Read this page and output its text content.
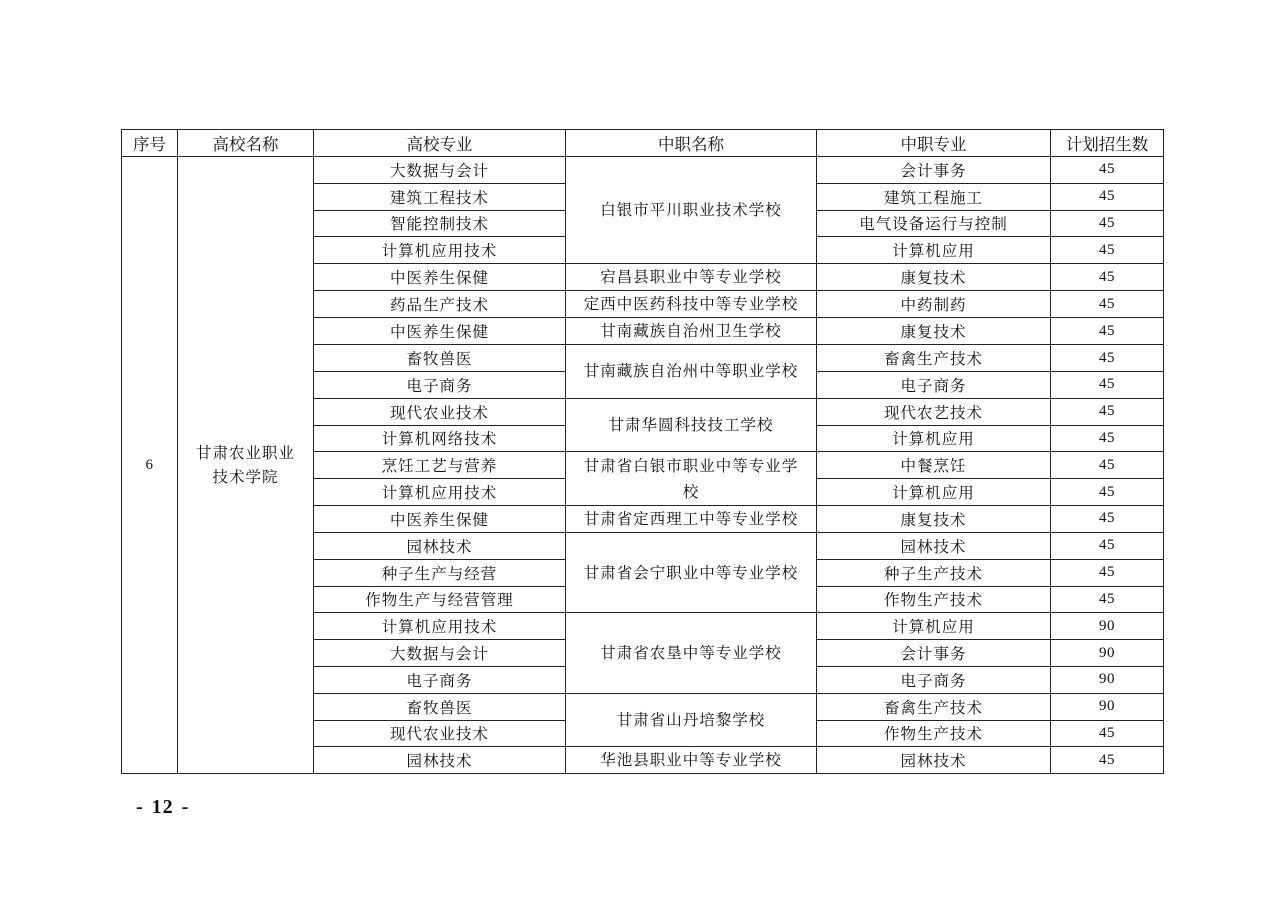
序号	高校名称	高校专业	中职名称	中职专业	计划招生数
6	甘肃农业职业技术学院	大数据与会计	白银市平川职业技术学校	会计事务	45
		建筑工程技术		建筑工程施工	45
		智能控制技术		电气设备运行与控制	45
		计算机应用技术		计算机应用	45
		中医养生保健	宕昌县职业中等专业学校	康复技术	45
		药品生产技术	定西中医药科技中等专业学校	中药制药	45
		中医养生保健	甘南藏族自治州卫生学校	康复技术	45
		畜牧兽医	甘南藏族自治州中等职业学校	畜禽生产技术	45
		电子商务		电子商务	45
		现代农业技术	甘肃华圆科技技工学校	现代农艺技术	45
		计算机网络技术		计算机应用	45
		烹饪工艺与营养	甘肃省白银市职业中等专业学校	中餐烹饪	45
		计算机应用技术		计算机应用	45
		中医养生保健	甘肃省定西理工中等专业学校	康复技术	45
		园林技术	甘肃省会宁职业中等专业学校	园林技术	45
		种子生产与经营		种子生产技术	45
		作物生产与经营管理		作物生产技术	45
		计算机应用技术	甘肃省农垦中等专业学校	计算机应用	90
		大数据与会计		会计事务	90
		电子商务		电子商务	90
		畜牧兽医	甘肃省山丹培黎学校	畜禽生产技术	90
		现代农业技术		作物生产技术	45
		园林技术	华池县职业中等专业学校	园林技术	45
- 12 -
